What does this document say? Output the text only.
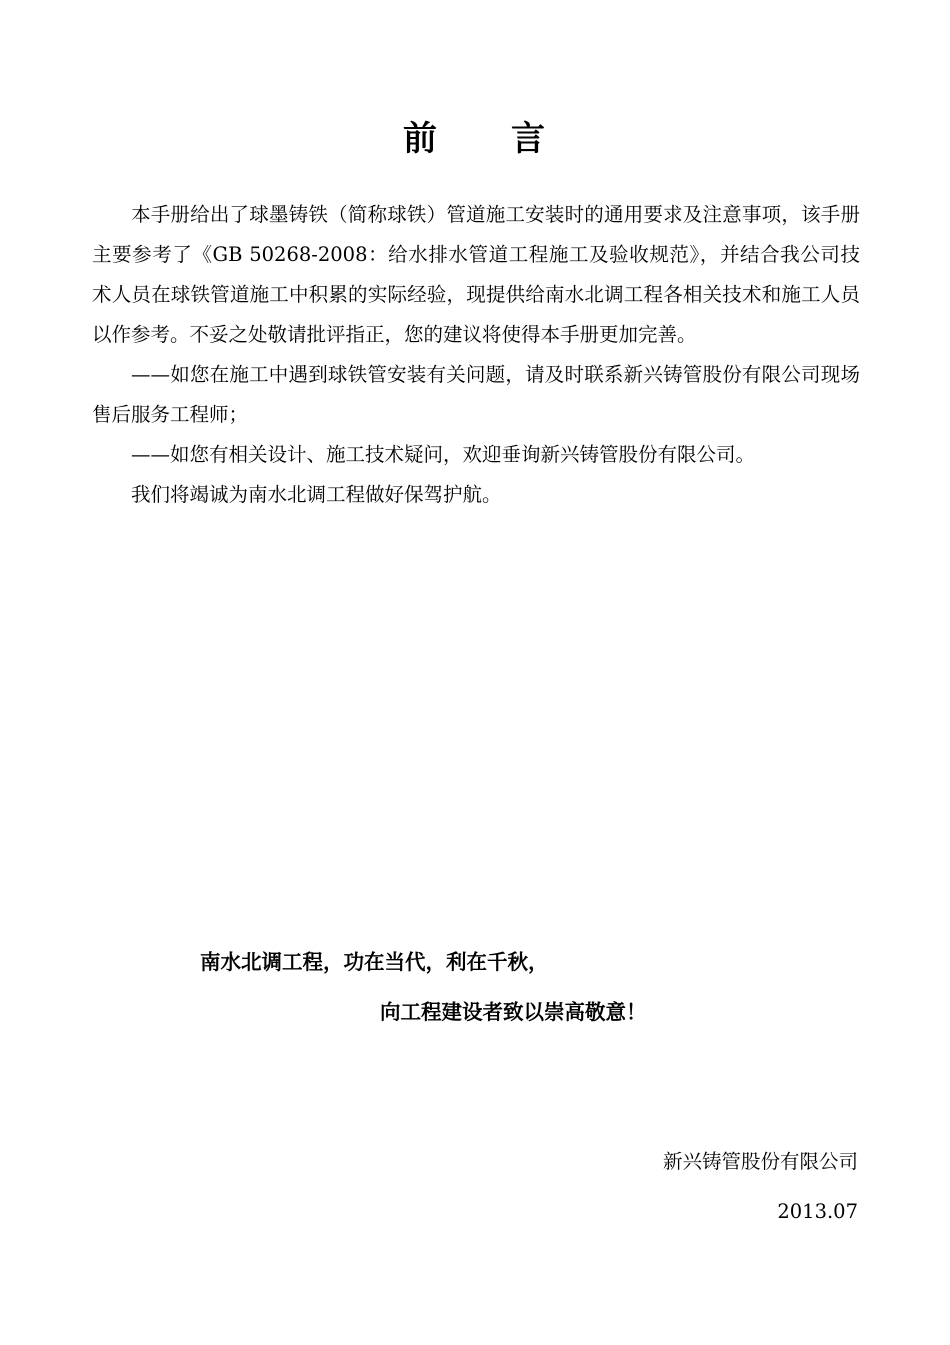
前 言

本手册给出了球墨铸铁（简称球铁）管道施工安装时的通用要求及注意事项，该手册主要参考了《GB 50268-2008：给水排水管道工程施工及验收规范》，并结合我公司技术人员在球铁管道施工中积累的实际经验，现提供给南水北调工程各相关技术和施工人员以作参考。不妥之处敬请批评指正，您的建议将使得本手册更加完善。

——如您在施工中遇到球铁管安装有关问题，请及时联系新兴铸管股份有限公司现场售后服务工程师；

——如您有相关设计、施工技术疑问，欢迎垂询新兴铸管股份有限公司。

我们将竭诚为南水北调工程做好保驾护航。

南水北调工程，功在当代，利在千秋，
向工程建设者致以崇高敬意！
新兴铸管股份有限公司
2013.07
